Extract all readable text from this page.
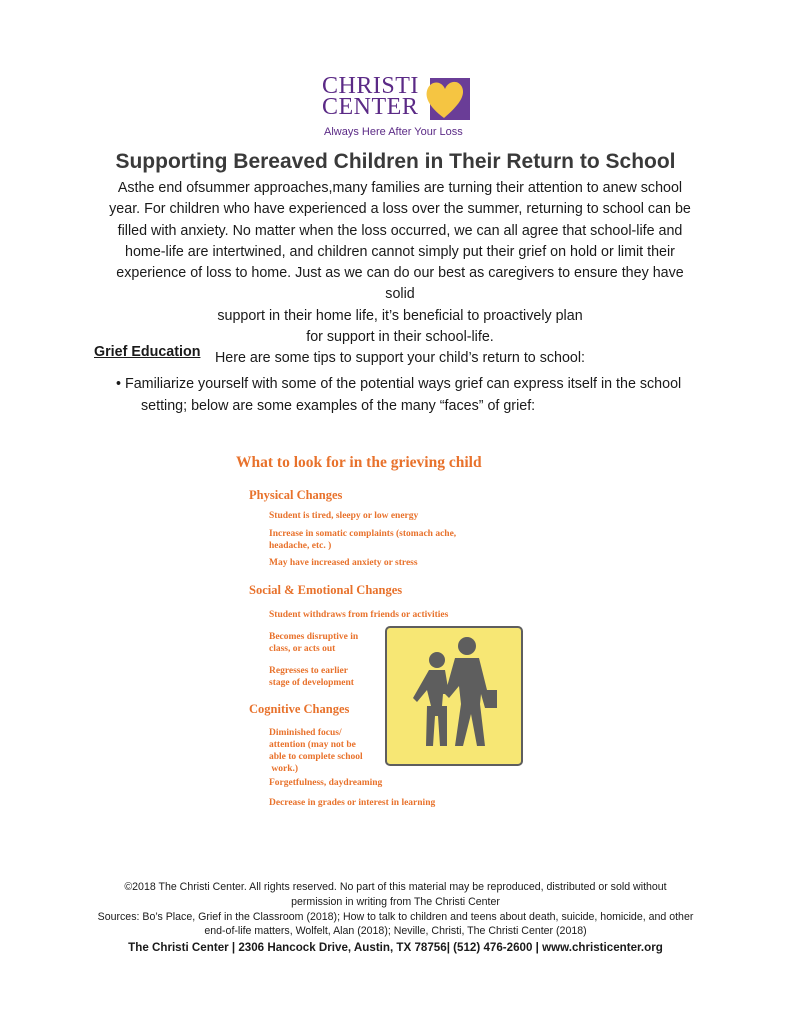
CHRISTI
CENTER
Always Here After Your Loss
Supporting Bereaved Children in Their Return to School

Asthe end ofsummer approaches,many families are turning their attention to anew school

year. For children who have experienced a loss over the summer, returning to school can be

filled with anxiety. No matter when the loss occurred, we can all agree that school-life and

home-life are intertwined, and children cannot simply put their grief on hold or limit their

experience of loss to home. Just as we can do our best as caregivers to ensure they have solid

support in their home life, it’s beneficial to proactively plan

for support in their school-life.

Here are some tips to support your child’s return to school:

Grief Education
• Familiarize yourself with some of the potential ways grief can express itself in the school
setting; below are some examples of the many “faces” of grief:
What to look for in the grieving child
Physical Changes
Student is tired, sleepy or low energy
Increase in somatic complaints (stomach ache,
headache, etc. )
May have increased anxiety or stress
Social & Emotional Changes
Student withdraws from friends or activities
Becomes disruptive in
class, or acts out
Regresses to earlier
stage of development
Cognitive Changes
Diminished focus/
attention (may not be
able to complete school
work.)
Forgetfulness, daydreaming
Decrease in grades or interest in learning

©2018 The Christi Center. All rights reserved. No part of this material may be reproduced, distributed or sold without

permission in writing from The Christi Center

Sources: Bo’s Place, Grief in the Classroom (2018); How to talk to children and teens about death, suicide, homicide, and other

end-of-life matters, Wolfelt, Alan (2018); Neville, Christi, The Christi Center (2018)

The Christi Center | 2306 Hancock Drive, Austin, TX 78756| (512) 476-2600 | www.christicenter.org
